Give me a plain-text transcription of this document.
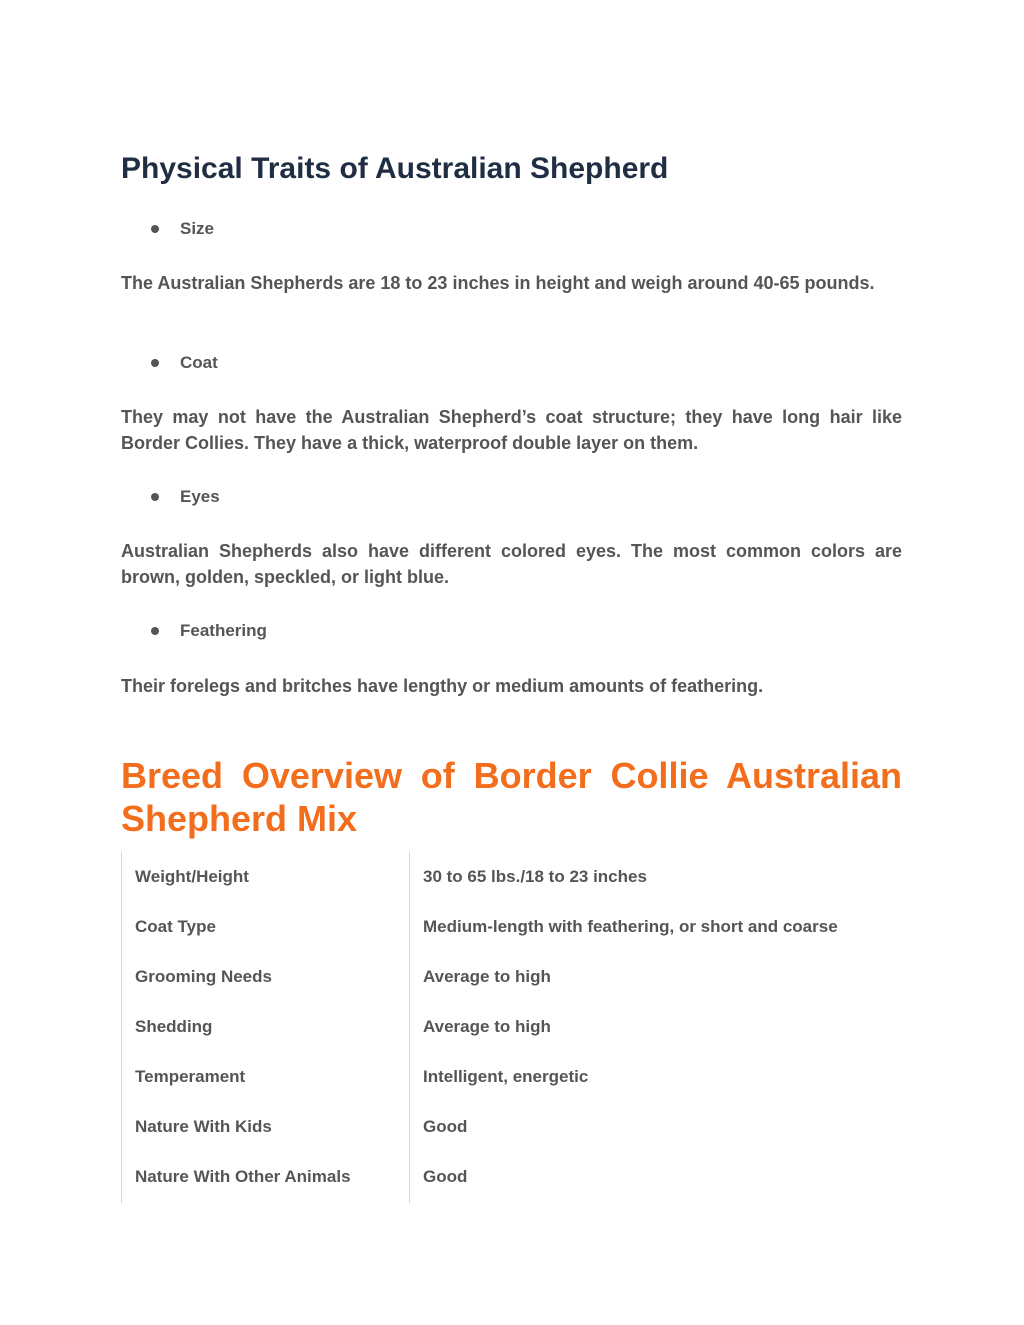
Physical Traits of Australian Shepherd
Size

The Australian Shepherds are 18 to 23 inches in height and weigh around 40-65 pounds.

Coat

They may not have the Australian Shepherd’s coat structure; they have long hair like Border Collies. They have a thick, waterproof double layer on them.

Eyes

Australian Shepherds also have different colored eyes. The most common colors are brown, golden, speckled, or light blue.

Feathering

Their forelegs and britches have lengthy or medium amounts of feathering.

Breed Overview of Border Collie Australian Shepherd Mix
Weight/Height	30 to 65 lbs./18 to 23 inches
Coat Type	Medium-length with feathering, or short and coarse
Grooming Needs	Average to high
Shedding	Average to high
Temperament	Intelligent, energetic
Nature With Kids	Good
Nature With Other Animals	Good
